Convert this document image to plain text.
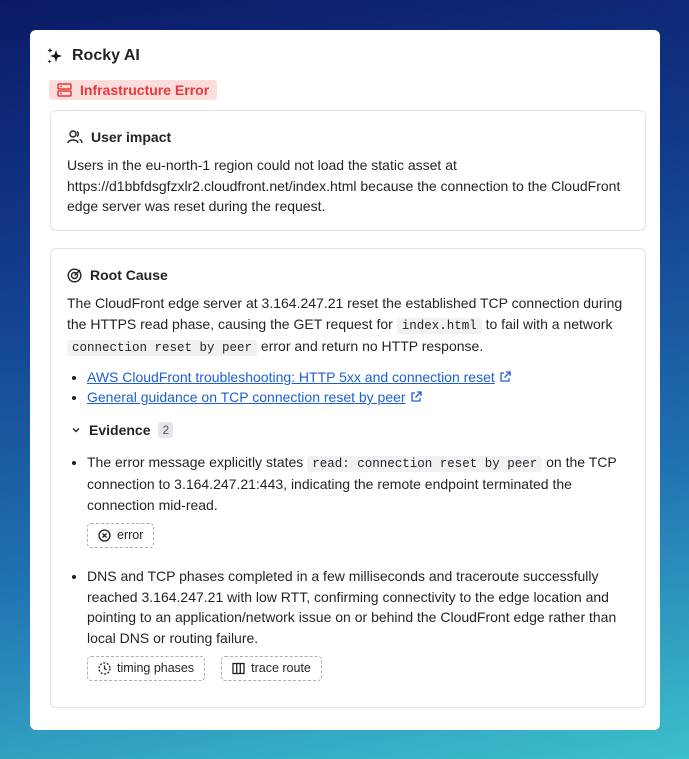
Rocky AI
Infrastructure Error
User impact

Users in the eu-north-1 region could not load the static asset at https://d1bbfdsgfzxlr2.cloudfront.net/index.html because the connection to the CloudFront edge server was reset during the request.

Root Cause

The CloudFront edge server at 3.164.247.21 reset the established TCP connection during the HTTPS read phase, causing the GET request for index.html to fail with a network connection reset by peer error and return no HTTP response.

• AWS CloudFront troubleshooting: HTTP 5xx and connection reset
• General guidance on TCP connection reset by peer
Evidence	2
• The error message explicitly states read: connection reset by peer on the TCP connection to 3.164.247.21:443, indicating the remote endpoint terminated the connection mid-read.
error
• DNS and TCP phases completed in a few milliseconds and traceroute successfully reached 3.164.247.21 with low RTT, confirming connectivity to the edge location and pointing to an application/network issue on or behind the CloudFront edge rather than local DNS or routing failure.
timing phases	trace route
